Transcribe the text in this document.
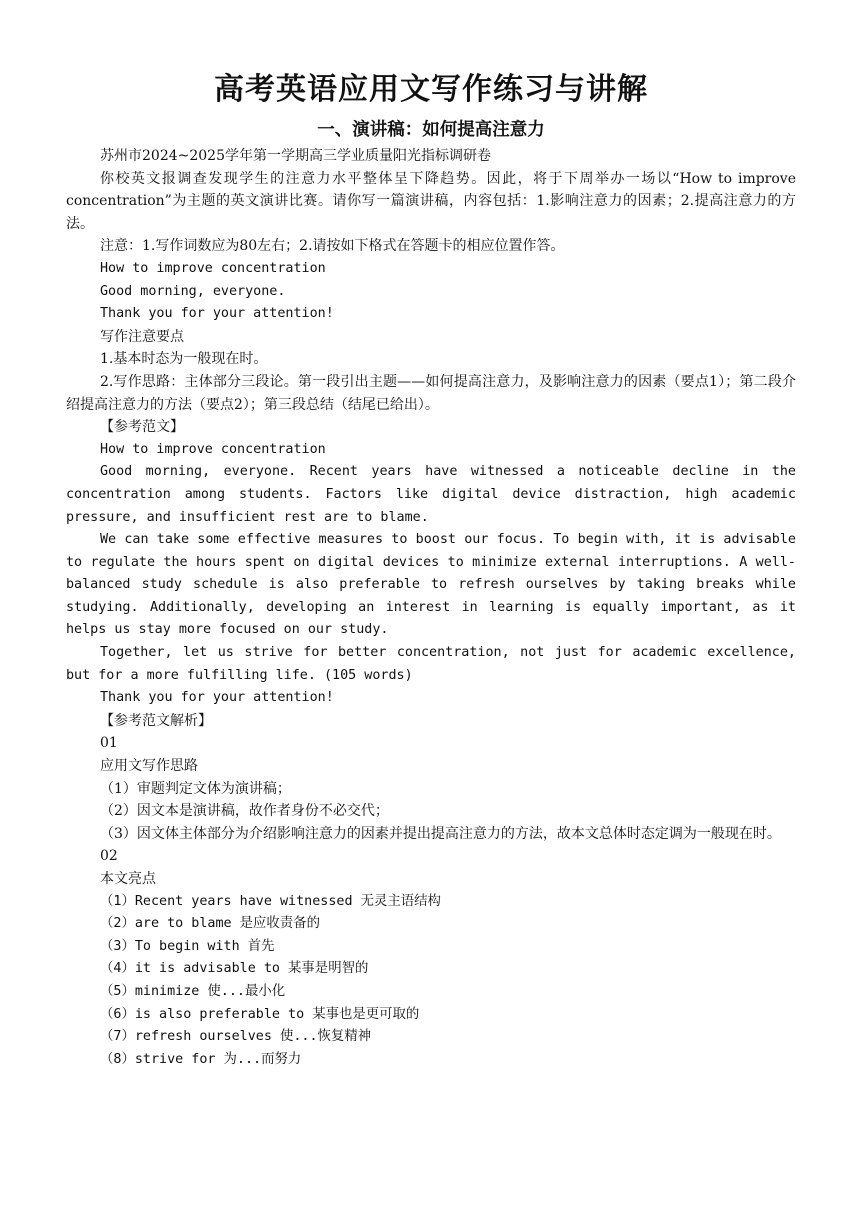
高考英语应用文写作练习与讲解
一、演讲稿：如何提高注意力

苏州市2024~2025学年第一学期高三学业质量阳光指标调研卷

你校英文报调查发现学生的注意力水平整体呈下降趋势。因此，将于下周举办一场以“How to improve concentration”为主题的英文演讲比赛。请你写一篇演讲稿，内容包括：1.影响注意力的因素；2.提高注意力的方法。

注意：1.写作词数应为80左右；2.请按如下格式在答题卡的相应位置作答。

How to improve concentration

Good morning, everyone.

Thank you for your attention!

写作注意要点

1.基本时态为一般现在时。

2.写作思路：主体部分三段论。第一段引出主题——如何提高注意力，及影响注意力的因素（要点1）；第二段介绍提高注意力的方法（要点2）；第三段总结（结尾已给出）。

【参考范文】

How to improve concentration

Good morning, everyone. Recent years have witnessed a noticeable decline in the concentration among students. Factors like digital device distraction, high academic pressure, and insufficient rest are to blame.

We can take some effective measures to boost our focus. To begin with, it is advisable to regulate the hours spent on digital devices to minimize external interruptions. A well-balanced study schedule is also preferable to refresh ourselves by taking breaks while studying. Additionally, developing an interest in learning is equally important, as it helps us stay more focused on our study.

Together, let us strive for better concentration, not just for academic excellence, but for a more fulfilling life. (105 words)

Thank you for your attention!

【参考范文解析】

01

应用文写作思路

（1）审题判定文体为演讲稿；

（2）因文本是演讲稿，故作者身份不必交代；

（3）因文体主体部分为介绍影响注意力的因素并提出提高注意力的方法，故本文总体时态定调为一般现在时。

02

本文亮点

（1）Recent years have witnessed 无灵主语结构

（2）are to blame 是应收责备的

（3）To begin with 首先

（4）it is advisable to 某事是明智的

（5）minimize 使...最小化

（6）is also preferable to 某事也是更可取的

（7）refresh ourselves 使...恢复精神

（8）strive for 为...而努力
